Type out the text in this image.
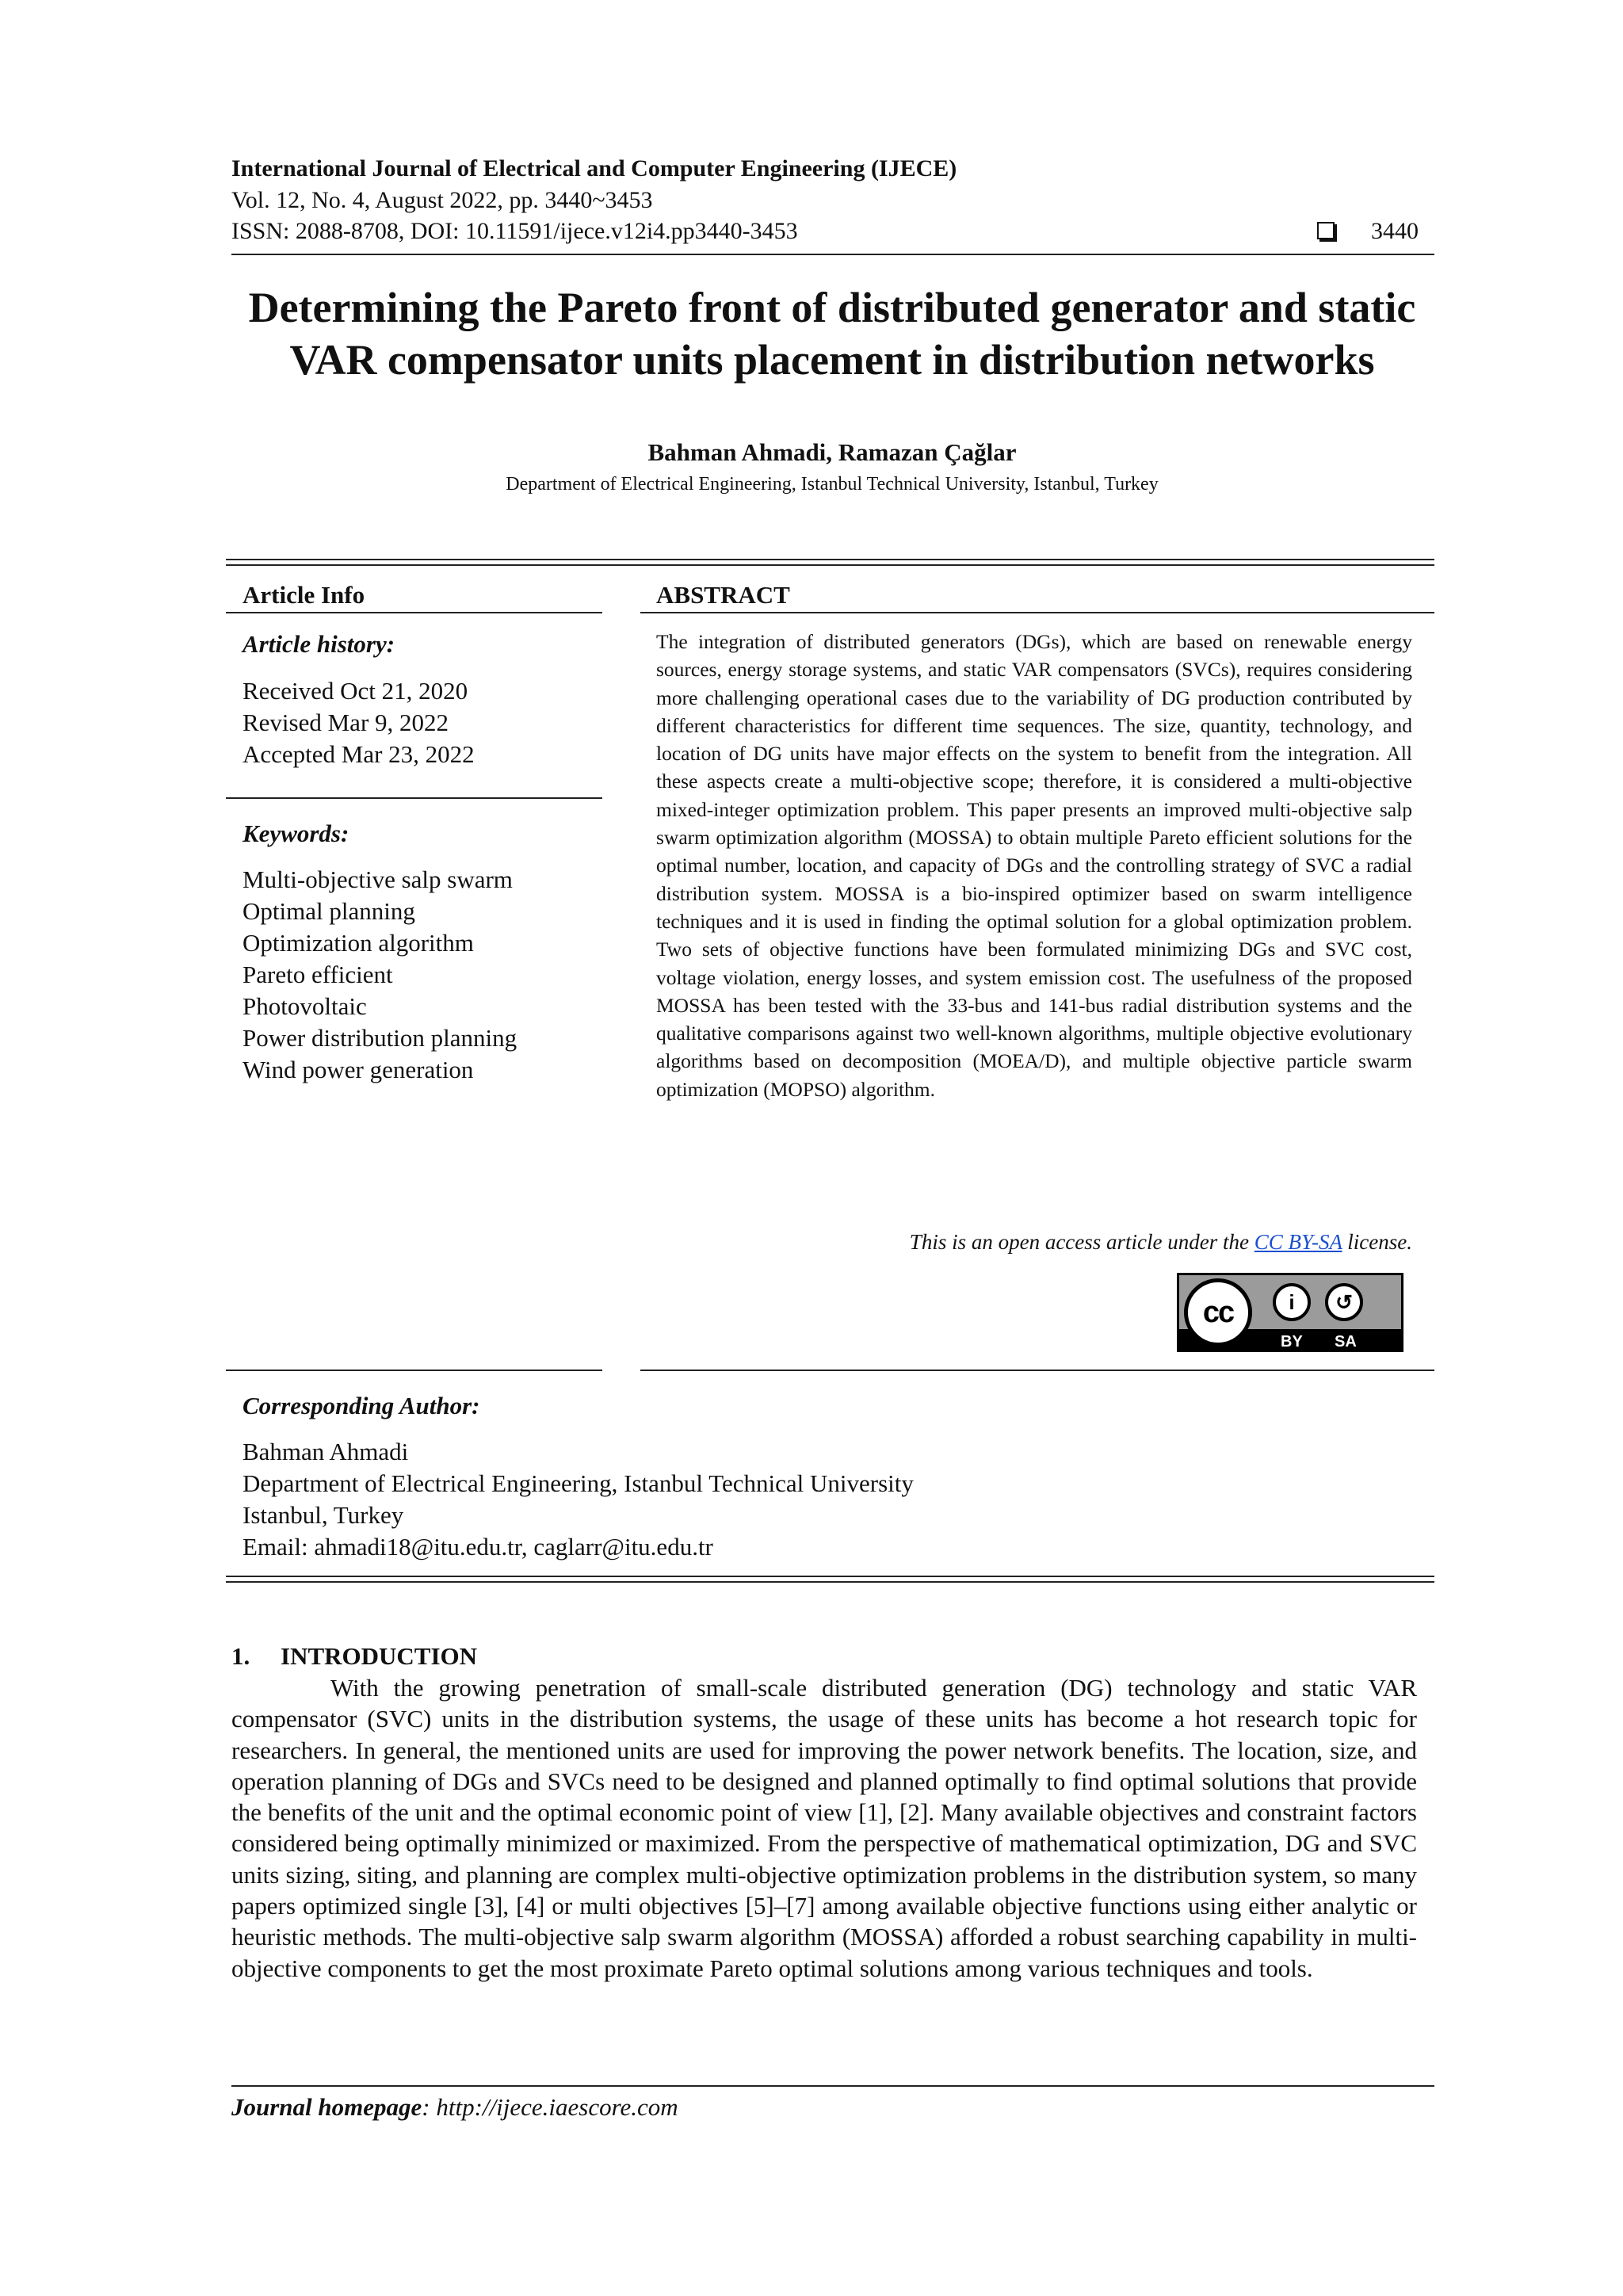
International Journal of Electrical and Computer Engineering (IJECE)
Vol. 12, No. 4, August 2022, pp. 3440~3453
ISSN: 2088-8708, DOI: 10.11591/ijece.v12i4.pp3440-3453	3440
Determining the Pareto front of distributed generator and static
VAR compensator units placement in distribution networks
Bahman Ahmadi, Ramazan Çağlar
Department of Electrical Engineering, Istanbul Technical University, Istanbul, Turkey
Article Info
Article history:
Received Oct 21, 2020
Revised Mar 9, 2022
Accepted Mar 23, 2022
Keywords:
Multi-objective salp swarm
Optimal planning
Optimization algorithm
Pareto efficient
Photovoltaic
Power distribution planning
Wind power generation
ABSTRACT
The integration of distributed generators (DGs), which are based on renewable energy sources, energy storage systems, and static VAR compensators (SVCs), requires considering more challenging operational cases due to the variability of DG production contributed by different characteristics for different time sequences. The size, quantity, technology, and location of DG units have major effects on the system to benefit from the integration. All these aspects create a multi-objective scope; therefore, it is considered a multi-objective mixed-integer optimization problem. This paper presents an improved multi-objective salp swarm optimization algorithm (MOSSA) to obtain multiple Pareto efficient solutions for the optimal number, location, and capacity of DGs and the controlling strategy of SVC a radial distribution system. MOSSA is a bio-inspired optimizer based on swarm intelligence techniques and it is used in finding the optimal solution for a global optimization problem. Two sets of objective functions have been formulated minimizing DGs and SVC cost, voltage violation, energy losses, and system emission cost. The usefulness of the proposed MOSSA has been tested with the 33-bus and 141-bus radial distribution systems and the qualitative comparisons against two well-known algorithms, multiple objective evolutionary algorithms based on decomposition (MOEA/D), and multiple objective particle swarm optimization (MOPSO) algorithm.
This is an open access article under the CC BY-SA license.
cc	i	↺
BY SA
Corresponding Author:
Bahman Ahmadi
Department of Electrical Engineering, Istanbul Technical University
Istanbul, Turkey
Email: ahmadi18@itu.edu.tr, caglarr@itu.edu.tr
1.     INTRODUCTION
With the growing penetration of small-scale distributed generation (DG) technology and static VAR compensator (SVC) units in the distribution systems, the usage of these units has become a hot research topic for researchers. In general, the mentioned units are used for improving the power network benefits. The location, size, and operation planning of DGs and SVCs need to be designed and planned optimally to find optimal solutions that provide the benefits of the unit and the optimal economic point of view [1], [2]. Many available objectives and constraint factors considered being optimally minimized or maximized. From the perspective of mathematical optimization, DG and SVC units sizing, siting, and planning are complex multi-objective optimization problems in the distribution system, so many papers optimized single [3], [4] or multi objectives [5]–[7] among available objective functions using either analytic or heuristic methods. The multi-objective salp swarm algorithm (MOSSA) afforded a robust searching capability in multi-objective components to get the most proximate Pareto optimal solutions among various techniques and tools.
Journal homepage: http://ijece.iaescore.com
